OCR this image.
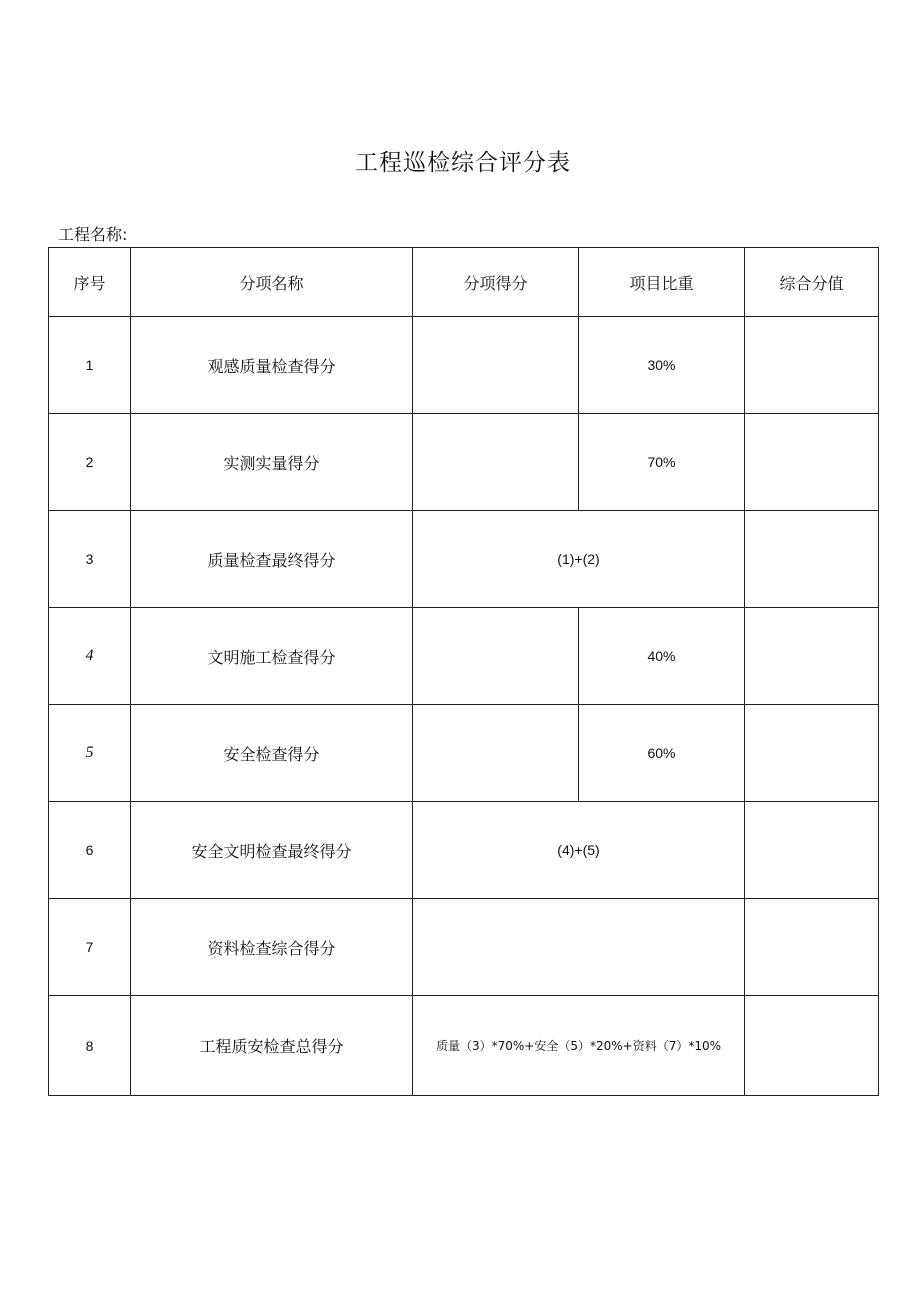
工程巡检综合评分表
工程名称:
序号	分项名称	分项得分	项目比重	综合分值
1	观感质量检查得分		30%	
2	实测实量得分		70%	
3	质量检查最终得分	(1)+(2)		
4	文明施工检查得分		40%	
5	安全检查得分		60%	
6	安全文明检查最终得分	(4)+(5)		
7	资料检查综合得分			
8	工程质安检查总得分	质量（3）*70%+安全（5）*20%+资料（7）*10%		
